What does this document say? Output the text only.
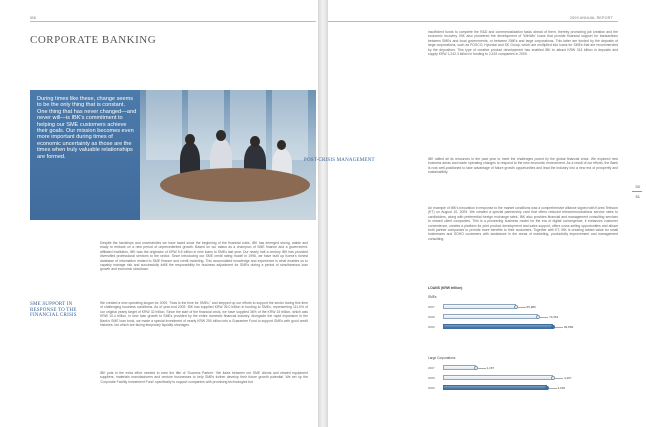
IBK
CORPORATE BANKING
During times like these, change seems to be the only thing that is constant. One thing that has never changed—and never will—is IBK's commitment to helping our SME customers achieve their goals. Our mission becomes even more important during times of economic uncertainty as those are the times when truly valuable relationships are formed.

Despite the hardships and uncertainties we have faced since the beginning of the financial crisis, IBK has emerged strong, stable and ready to embark on a new period of unprecedented growth. Based on our status as a champion of SME finance and a government-affiliated institution, IBK was the originator of KRW 5.6 trillion in new loans to SMEs last year. Our nearly half a century IBK has provided diversified professional services to the sector. Since introducing our SME credit rating model in 1996, we have built up Korea's richest database of information related to SME finance and credit modeling. This accumulated knowledge and experience is what enables us to capably manage risk and successfully fulfill the responsibility for business adjustment for SMEs during a period of simultaneous loan growth and economic slowdown.

SME SUPPORT IN RESPONSE TO THE FINANCIAL CRISIS

We created a new operating slogan for 2009, "Now is the time for SMEs," and stepped up our efforts to support the sector during this time of challenging business conditions. As of year-end 2009, IBK has supplied KRW 35.0 trillion in funding to SMEs, representing 111.6% of our original yearly target of KRW 32 trillion. Since the start of the financial crisis, we have supplied 36% of the KRW 15 trillion, which was KRW 10.4 trillion, in new loan growth to SMEs provided by the entire domestic financial industry. Alongside the rapid expansion in the Bank's SME loan book, we made a special investment of nearly KRW 250 billion into a Guarantee Fund to support SMEs with good credit histories, but which are facing temporary liquidity shortages.

IBK puts in the extra effort needed to earn the title of 'Success Partner.' We liaise between our SME clients and related equipment suppliers, materials manufacturers and venture businesses to help SMEs further develop their future growth potential. We set up the 'Corporate Facility Investment Fund' specifically to support companies with promising technologies but

2009 ANNUAL REPORT

insufficient funds to complete the R&D and commercialization tasks ahead of them, thereby promoting job creation and the economic recovery. IBK also pioneered the development of 'WinWin' loans that provide financial support for transactions between SMEs and local governments, or between SMEs and large corporations. This latter are funded by the deposits of large corporations, such as POSCO, Hyundai and SK Group, which are multiplied into loans for SMEs that are recommended by the depositors. This type of creative product development has enabled IBK to attract KRW 314 billion in deposits and supply KRW 1,242.3 billion in funding to 2,419 companies in 2009.

POST-CRISIS MANAGEMENT	IBK rallied all its resources in the past year to meet the challenges posed by the global financial crisis. We explored new business areas and made operating changes to respond to the new economic environment. As a result of our efforts, the Bank is now well-positioned to take advantage of future growth opportunities and lead the industry into a new era of prosperity and sustainability.

An example of IBK's innovation in response to the market conditions was a comprehensive alliance signed with Korea Telecom (KT) on August 10, 2009. We created a special partnership card that offers reduced telecommunications service rates to cardholders, along with preferential foreign exchange rates. IBK also provides financial and management consulting services to shared client companies. This is a pioneering business model for the era of digital convergence; it enhances customer convenience, creates a platform for joint product development and sales support, offers cross-selling opportunities and allows both partner companies to provide more benefits to their customers. Together with KT, IBK is creating added value for small businesses and SOHO customers with assistance in the areas of marketing, productivity improvement and management consulting.

50
51
LOANS (KRW trillion)
SMEs
2007	55,983
2008	73,351
2009	84,869
Large Corporations
2007	1,267
2008	4,267
2009	4,018
